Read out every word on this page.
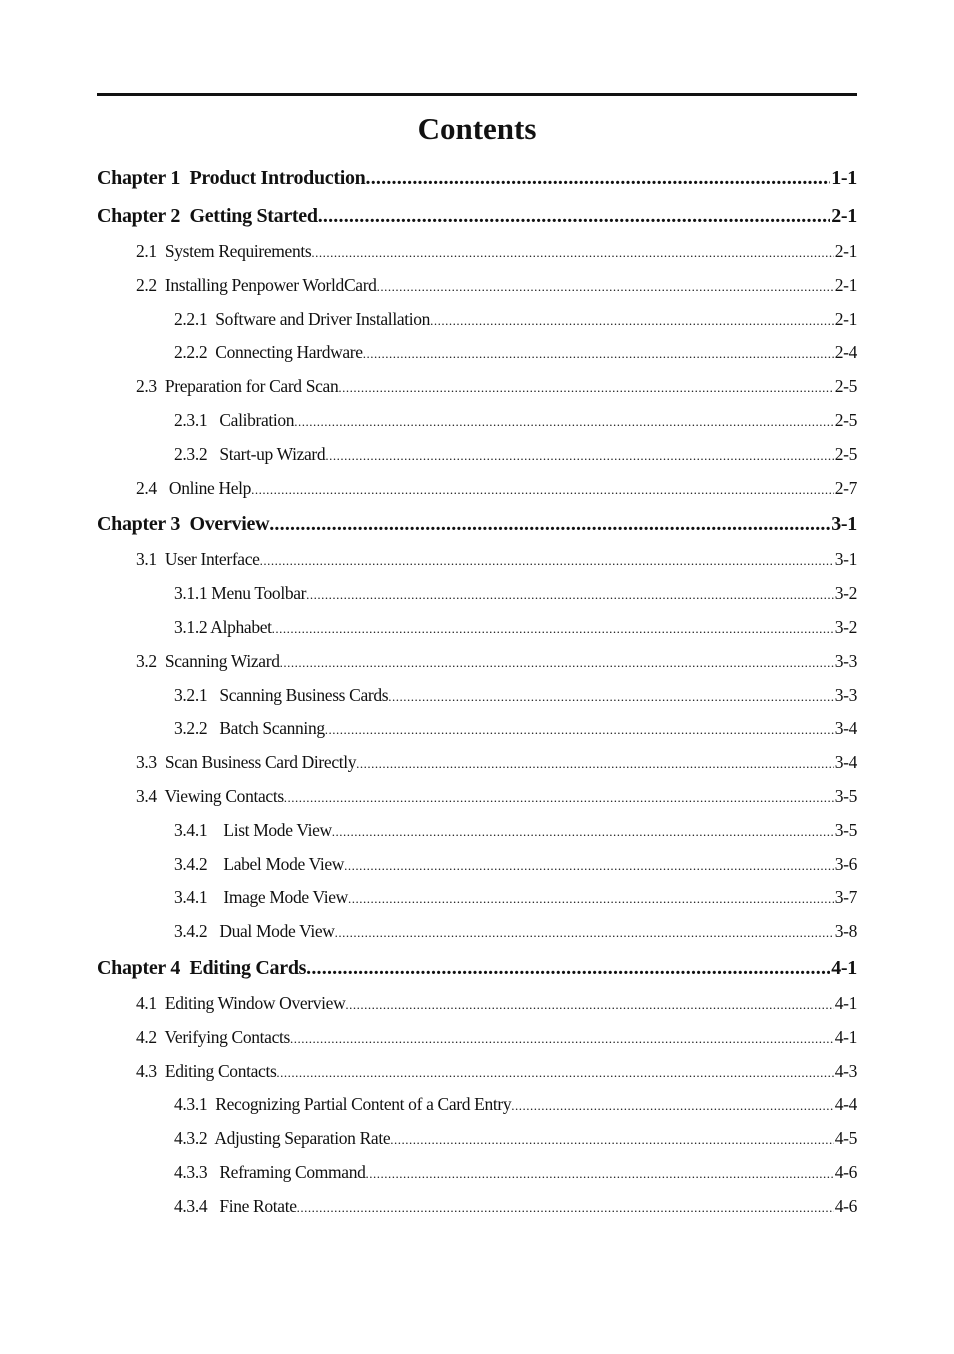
Contents
Chapter 1  Product Introduction .....	1-1
Chapter 2  Getting Started .....	2-1
2.1  System Requirements .....	2-1
2.2  Installing Penpower WorldCard .....	2-1
2.2.1  Software and Driver Installation .....	2-1
2.2.2  Connecting Hardware .....	2-4
2.3  Preparation for Card Scan .....	2-5
2.3.1   Calibration .....	2-5
2.3.2   Start-up Wizard .....	2-5
2.4   Online Help .....	2-7
Chapter 3  Overview .....	3-1
3.1  User Interface .....	3-1
3.1.1 Menu Toolbar .....	3-2
3.1.2 Alphabet .....	3-2
3.2  Scanning Wizard .....	3-3
3.2.1   Scanning Business Cards .....	3-3
3.2.2   Batch Scanning .....	3-4
3.3  Scan Business Card Directly .....	3-4
3.4  Viewing Contacts .....	3-5
3.4.1    List Mode View .....	3-5
3.4.2    Label Mode View .....	3-6
3.4.1    Image Mode View .....	3-7
3.4.2   Dual Mode View .....	3-8
Chapter 4  Editing Cards .....	4-1
4.1  Editing Window Overview .....	4-1
4.2  Verifying Contacts .....	4-1
4.3  Editing Contacts .....	4-3
4.3.1  Recognizing Partial Content of a Card Entry .....	4-4
4.3.2  Adjusting Separation Rate .....	4-5
4.3.3   Reframing Command .....	4-6
4.3.4   Fine Rotate .....	4-6
